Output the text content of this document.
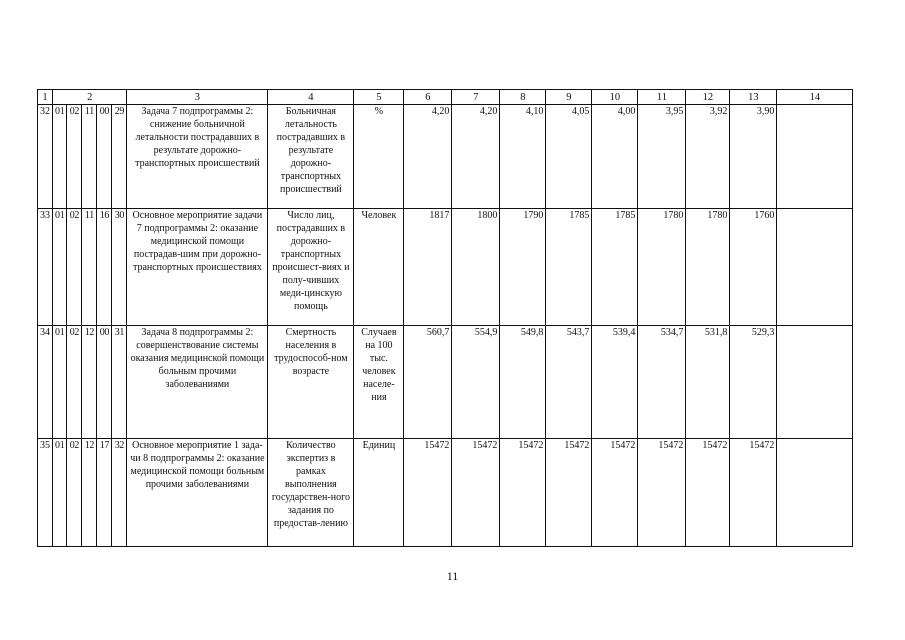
1	2					3	4	5	6	7	8	9	10	11	12	13	14
32	01	02	11	00	29	Задача 7 подпрограммы 2: снижение больничной летальности пострадавших в результате дорожно-транспортных происшествий	Больничная летальность пострадавших в результате дорожно-транспортных происшествий	%	4,20	4,20	4,10	4,05	4,00	3,95	3,92	3,90	
33	01	02	11	16	30	Основное мероприятие задачи 7 подпрограммы 2: оказание медицинской помощи пострадав-шим при дорожно-транспортных происшествиях	Число лиц, пострадавших в дорожно-транспортных происшест-виях и полу-чивших меди-цинскую помощь	Человек	1817	1800	1790	1785	1785	1780	1780	1760	
34	01	02	12	00	31	Задача 8 подпрограммы 2: совершенствование системы оказания медицинской помощи больным прочими заболеваниями	Смертность населения в трудоспособ-ном возрасте	Случаев на 100 тыс. человек населе-ния	560,7	554,9	549,8	543,7	539,4	534,7	531,8	529,3	
35	01	02	12	17	32	Основное мероприятие 1 зада-чи 8 подпрограммы 2: оказание медицинской помощи больным прочими заболеваниями	Количество экспертиз в рамках выполнения государствен-ного задания по предостав-лению	Единиц	15472	15472	15472	15472	15472	15472	15472	15472	
11
